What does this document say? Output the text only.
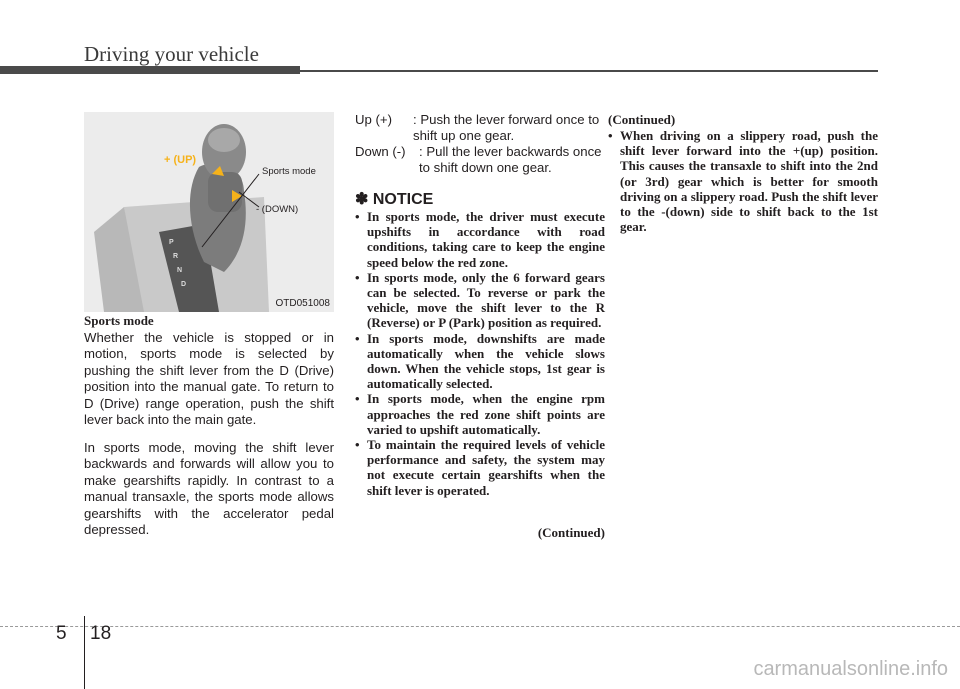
Driving your vehicle
P
R
N
D
+ (UP)
Sports mode
- (DOWN)
OTD051008
Sports mode

Whether the vehicle is stopped or in motion, sports mode is selected by pushing the shift lever from the D (Drive) position into the manual gate. To return to D (Drive) range operation, push the shift lever back into the main gate.

In sports mode, moving the shift lever backwards and forwards will allow you to make gearshifts rapidly. In contrast to a manual transaxle, the sports mode allows gearshifts with the accelerator pedal depressed.

Up (+) : Push the lever forward once to shift up one gear.
Down (-) : Pull the lever backwards once to shift down one gear.
✽ NOTICE
• In sports mode, the driver must execute upshifts in accordance with road conditions, taking care to keep the engine speed below the red zone.
• In sports mode, only the 6 forward gears can be selected. To reverse or park the vehicle, move the shift lever to the R (Reverse) or P (Park) position as required.
• In sports mode, downshifts are made automatically when the vehicle slows down. When the vehicle stops, 1st gear is automatically selected.
• In sports mode, when the engine rpm approaches the red zone shift points are varied to upshift automatically.
• To maintain the required levels of vehicle performance and safety, the system may not execute certain gearshifts when the shift lever is operated.
(Continued)
(Continued)
• When driving on a slippery road, push the shift lever forward into the +(up) position. This causes the transaxle to shift into the 2nd (or 3rd) gear which is better for smooth driving on a slippery road. Push the shift lever to the -(down) side to shift back to the 1st gear.
5 18
carmanualsonline.info
